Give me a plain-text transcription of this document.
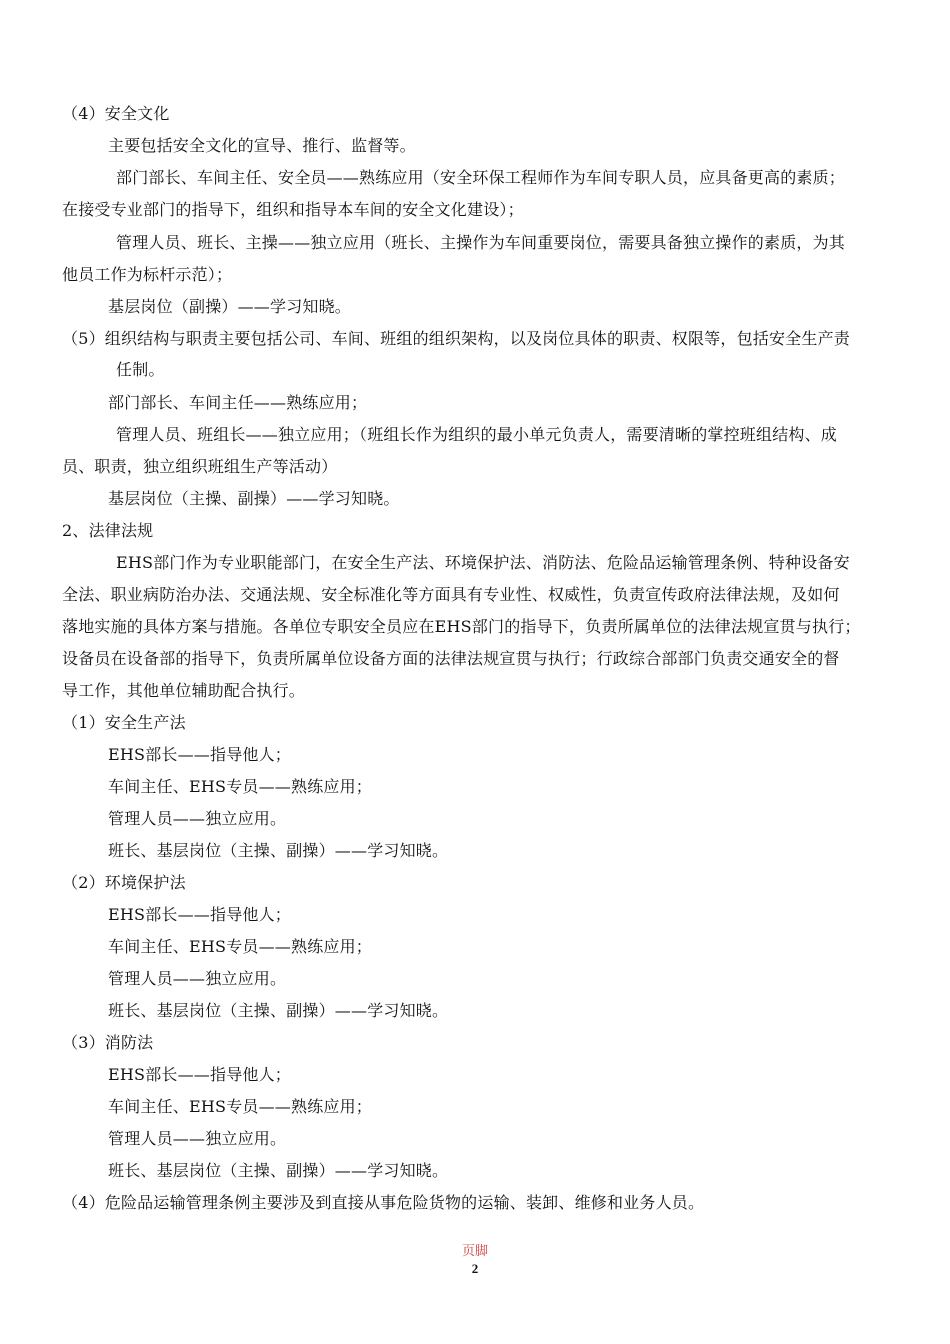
（4）安全文化
主要包括安全文化的宣导、推行、监督等。
部门部长、车间主任、安全员——熟练应用（安全环保工程师作为车间专职人员，应具备更高的素质；
在接受专业部门的指导下，组织和指导本车间的安全文化建设）；
管理人员、班长、主操——独立应用（班长、主操作为车间重要岗位，需要具备独立操作的素质，为其
他员工作为标杆示范）；
基层岗位（副操）——学习知晓。
（5）组织结构与职责主要包括公司、车间、班组的组织架构，以及岗位具体的职责、权限等，包括安全生产责
任制。
部门部长、车间主任——熟练应用；
管理人员、班组长——独立应用；（班组长作为组织的最小单元负责人，需要清晰的掌控班组结构、成
员、职责，独立组织班组生产等活动）
基层岗位（主操、副操）——学习知晓。
2、法律法规
EHS部门作为专业职能部门，在安全生产法、环境保护法、消防法、危险品运输管理条例、特种设备安
全法、职业病防治办法、交通法规、安全标准化等方面具有专业性、权威性，负责宣传政府法律法规，及如何
落地实施的具体方案与措施。各单位专职安全员应在EHS部门的指导下，负责所属单位的法律法规宣贯与执行；
设备员在设备部的指导下，负责所属单位设备方面的法律法规宣贯与执行；行政综合部部门负责交通安全的督
导工作，其他单位辅助配合执行。
（1）安全生产法
EHS部长——指导他人；
车间主任、EHS专员——熟练应用；
管理人员——独立应用。
班长、基层岗位（主操、副操）——学习知晓。
（2）环境保护法
EHS部长——指导他人；
车间主任、EHS专员——熟练应用；
管理人员——独立应用。
班长、基层岗位（主操、副操）——学习知晓。
（3）消防法
EHS部长——指导他人；
车间主任、EHS专员——熟练应用；
管理人员——独立应用。
班长、基层岗位（主操、副操）——学习知晓。
（4）危险品运输管理条例主要涉及到直接从事危险货物的运输、装卸、维修和业务人员。
页脚
2
